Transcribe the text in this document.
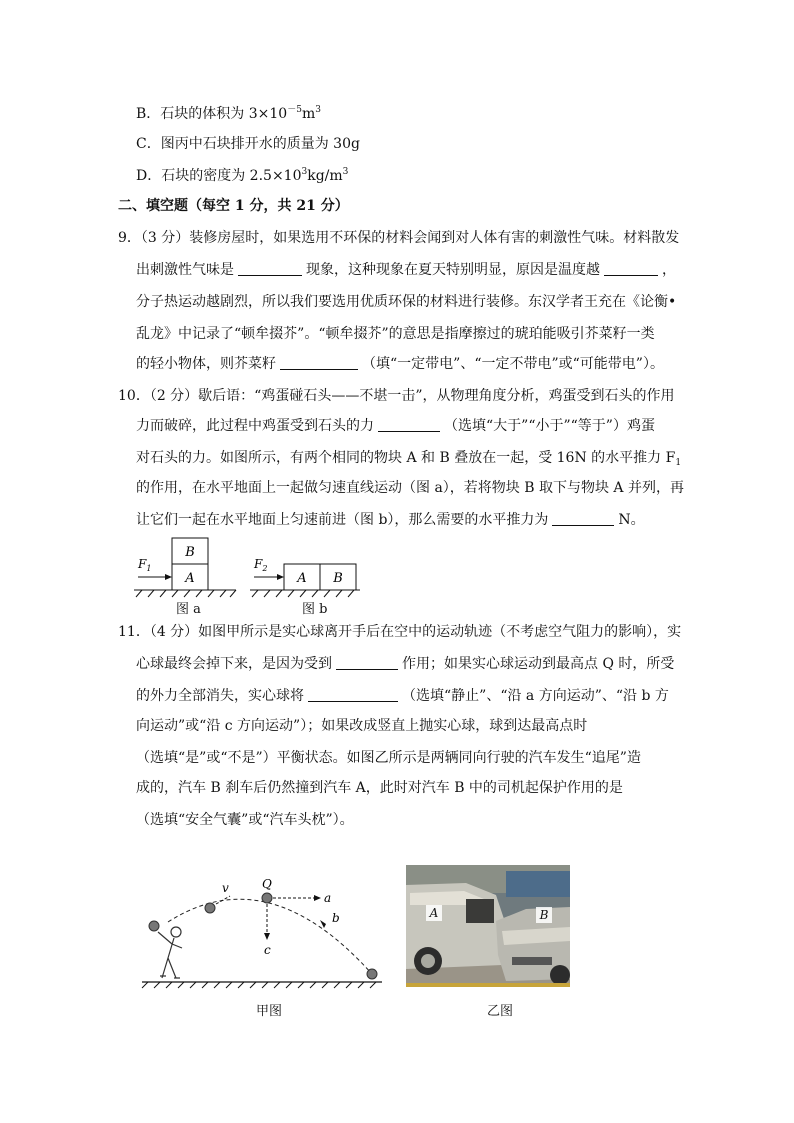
B．石块的体积为 $3\times 10^{-5}m^3$
C．图丙中石块排开水的质量为 30g
D．石块的密度为 $2.5\times 10^3kg/m^3$
二、填空题（每空 1 分，共 21 分）
9．（3 分）装修房屋时，如果选用不环保的材料会闻到对人体有害的刺激性气味。材料散发
出刺激性气味是	现象，这种现象在夏天特别明显，原因是温度越	，
分子热运动越剧烈，所以我们要选用优质环保的材料进行装修。东汉学者王充在《论衡•
乱龙》中记录了“顿牟掇芥”。“顿牟掇芥”的意思是指摩擦过的琥珀能吸引芥菜籽一类
的轻小物体，则芥菜籽	（填“一定带电”、“一定不带电”或“可能带电”）。
10．（2 分）歇后语：“鸡蛋碰石头——不堪一击”，从物理角度分析，鸡蛋受到石头的作用
力而破碎，此过程中鸡蛋受到石头的力	（选填“大于”“小于”“等于”）鸡蛋
对石头的力。如图所示，有两个相同的物块 A 和 B 叠放在一起，受 16N 的水平推力 $F_1$
的作用，在水平地面上一起做匀速直线运动（图 a），若将物块 B 取下与物块 A 并列，再
让它们一起在水平地面上匀速前进（图 b），那么需要的水平推力为	N。
B
A
$F_1$
A B
$F_2$
图 a	图 b
11．（4 分）如图甲所示是实心球离开手后在空中的运动轨迹（不考虑空气阻力的影响），实
心球最终会掉下来，是因为受到	作用；如果实心球运动到最高点 Q 时，所受
的外力全部消失，实心球将	（选填“静止”、“沿 a 方向运动”、“沿 b 方
向运动”或“沿 c 方向运动”）；如果改成竖直上抛实心球，球到达最高点时
（选填“是”或“不是”）平衡状态。如图乙所示是两辆同向行驶的汽车发生“追尾”造
成的，汽车 B 刹车后仍然撞到汽车 A，此时对汽车 B 中的司机起保护作用的是
（选填“安全气囊”或“汽车头枕”）。
v	Q
a
b
c
甲图
A	B
乙图
